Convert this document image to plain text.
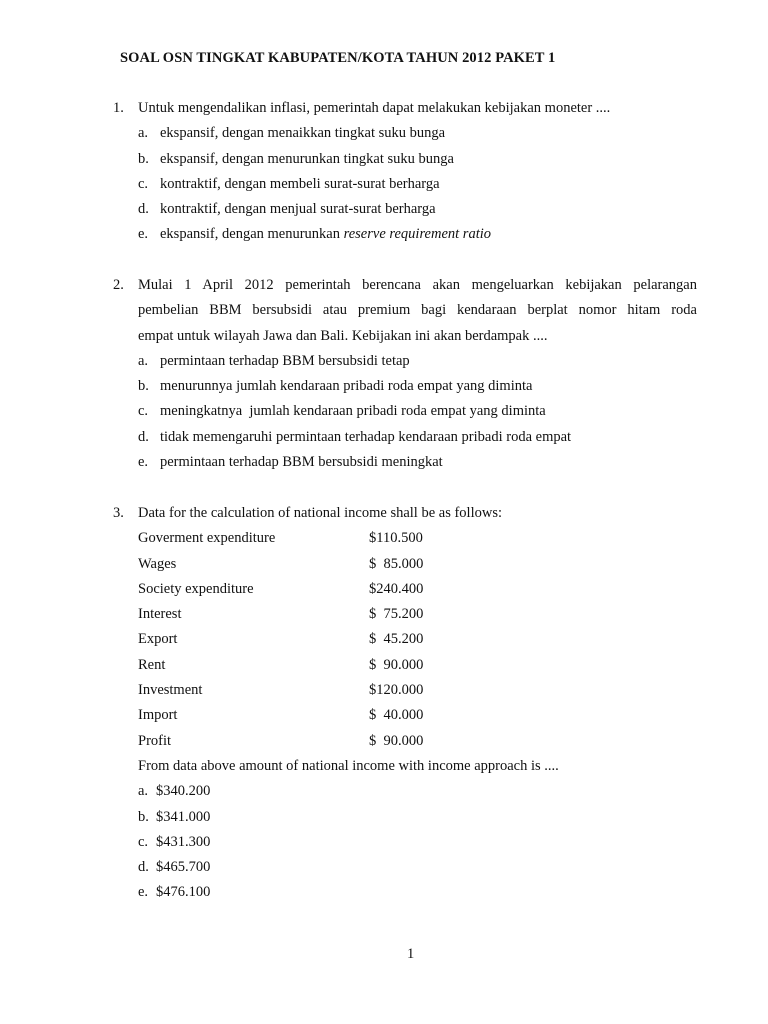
SOAL OSN TINGKAT KABUPATEN/KOTA TAHUN 2012 PAKET 1
1. Untuk mengendalikan inflasi, pemerintah dapat melakukan kebijakan moneter ....
a. ekspansif, dengan menaikkan tingkat suku bunga
b. ekspansif, dengan menurunkan tingkat suku bunga
c. kontraktif, dengan membeli surat-surat berharga
d. kontraktif, dengan menjual surat-surat berharga
e. ekspansif, dengan menurunkan reserve requirement ratio
2. Mulai 1 April 2012 pemerintah berencana akan mengeluarkan kebijakan pelarangan
pembelian BBM bersubsidi atau premium bagi kendaraan berplat nomor hitam roda
empat untuk wilayah Jawa dan Bali. Kebijakan ini akan berdampak ....
a. permintaan terhadap BBM bersubsidi tetap
b. menurunnya jumlah kendaraan pribadi roda empat yang diminta
c. meningkatnya  jumlah kendaraan pribadi roda empat yang diminta
d. tidak memengaruhi permintaan terhadap kendaraan pribadi roda empat
e. permintaan terhadap BBM bersubsidi meningkat
3. Data for the calculation of national income shall be as follows:
Goverment expenditure	$110.500
Wages	$  85.000
Society expenditure	$240.400
Interest	$  75.200
Export	$  45.200
Rent	$  90.000
Investment	$120.000
Import	$  40.000
Profit	$  90.000
From data above amount of national income with income approach is ....
a. $340.200
b. $341.000
c. $431.300
d. $465.700
e. $476.100
1
